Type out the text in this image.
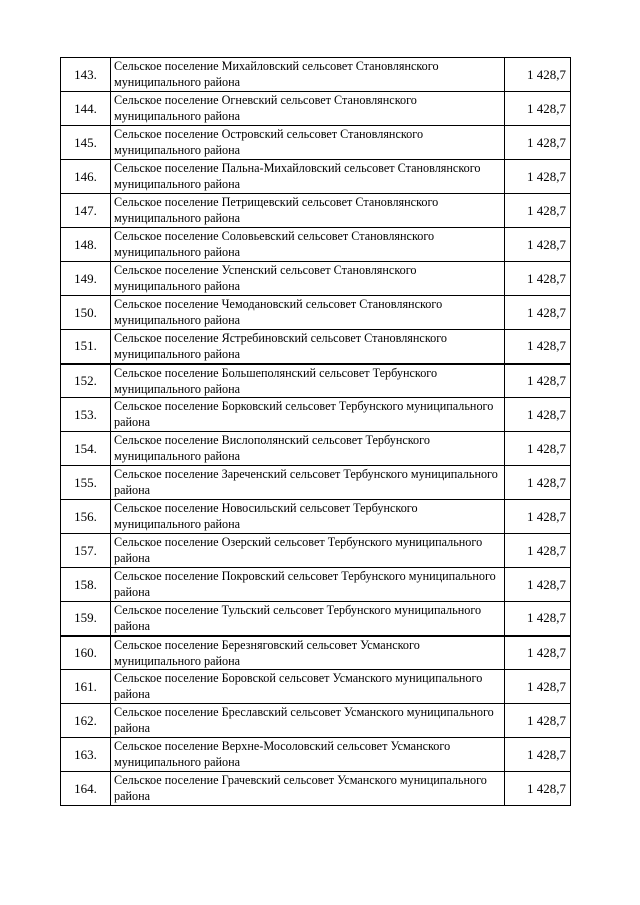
143.	Сельское поселение Михайловский сельсовет Становлянского муниципального района	1 428,7
144.	Сельское поселение Огневский сельсовет Становлянского муниципального района	1 428,7
145.	Сельское поселение Островский сельсовет Становлянского муниципального района	1 428,7
146.	Сельское поселение Пальна-Михайловский сельсовет Становлянского муниципального района	1 428,7
147.	Сельское поселение Петрищевский сельсовет Становлянского муниципального района	1 428,7
148.	Сельское поселение Соловьевский сельсовет Становлянского муниципального района	1 428,7
149.	Сельское поселение Успенский сельсовет Становлянского муниципального района	1 428,7
150.	Сельское поселение Чемодановский сельсовет Становлянского муниципального района	1 428,7
151.	Сельское поселение Ястребиновский сельсовет Становлянского муниципального района	1 428,7
152.	Сельское поселение Большеполянский сельсовет Тербунского муниципального района	1 428,7
153.	Сельское поселение Борковский сельсовет Тербунского муниципального района	1 428,7
154.	Сельское поселение Вислополянский сельсовет Тербунского муниципального района	1 428,7
155.	Сельское поселение Зареченский сельсовет Тербунского муниципального района	1 428,7
156.	Сельское поселение Новосильский сельсовет Тербунского муниципального района	1 428,7
157.	Сельское поселение Озерский сельсовет Тербунского муниципального района	1 428,7
158.	Сельское поселение Покровский сельсовет Тербунского муниципального района	1 428,7
159.	Сельское поселение Тульский сельсовет Тербунского муниципального района	1 428,7
160.	Сельское поселение Березняговский сельсовет Усманского муниципального района	1 428,7
161.	Сельское поселение Боровской сельсовет Усманского муниципального района	1 428,7
162.	Сельское поселение Бреславский сельсовет Усманского муниципального района	1 428,7
163.	Сельское поселение Верхне-Мосоловский сельсовет Усманского муниципального района	1 428,7
164.	Сельское поселение Грачевский сельсовет Усманского муниципального района	1 428,7
